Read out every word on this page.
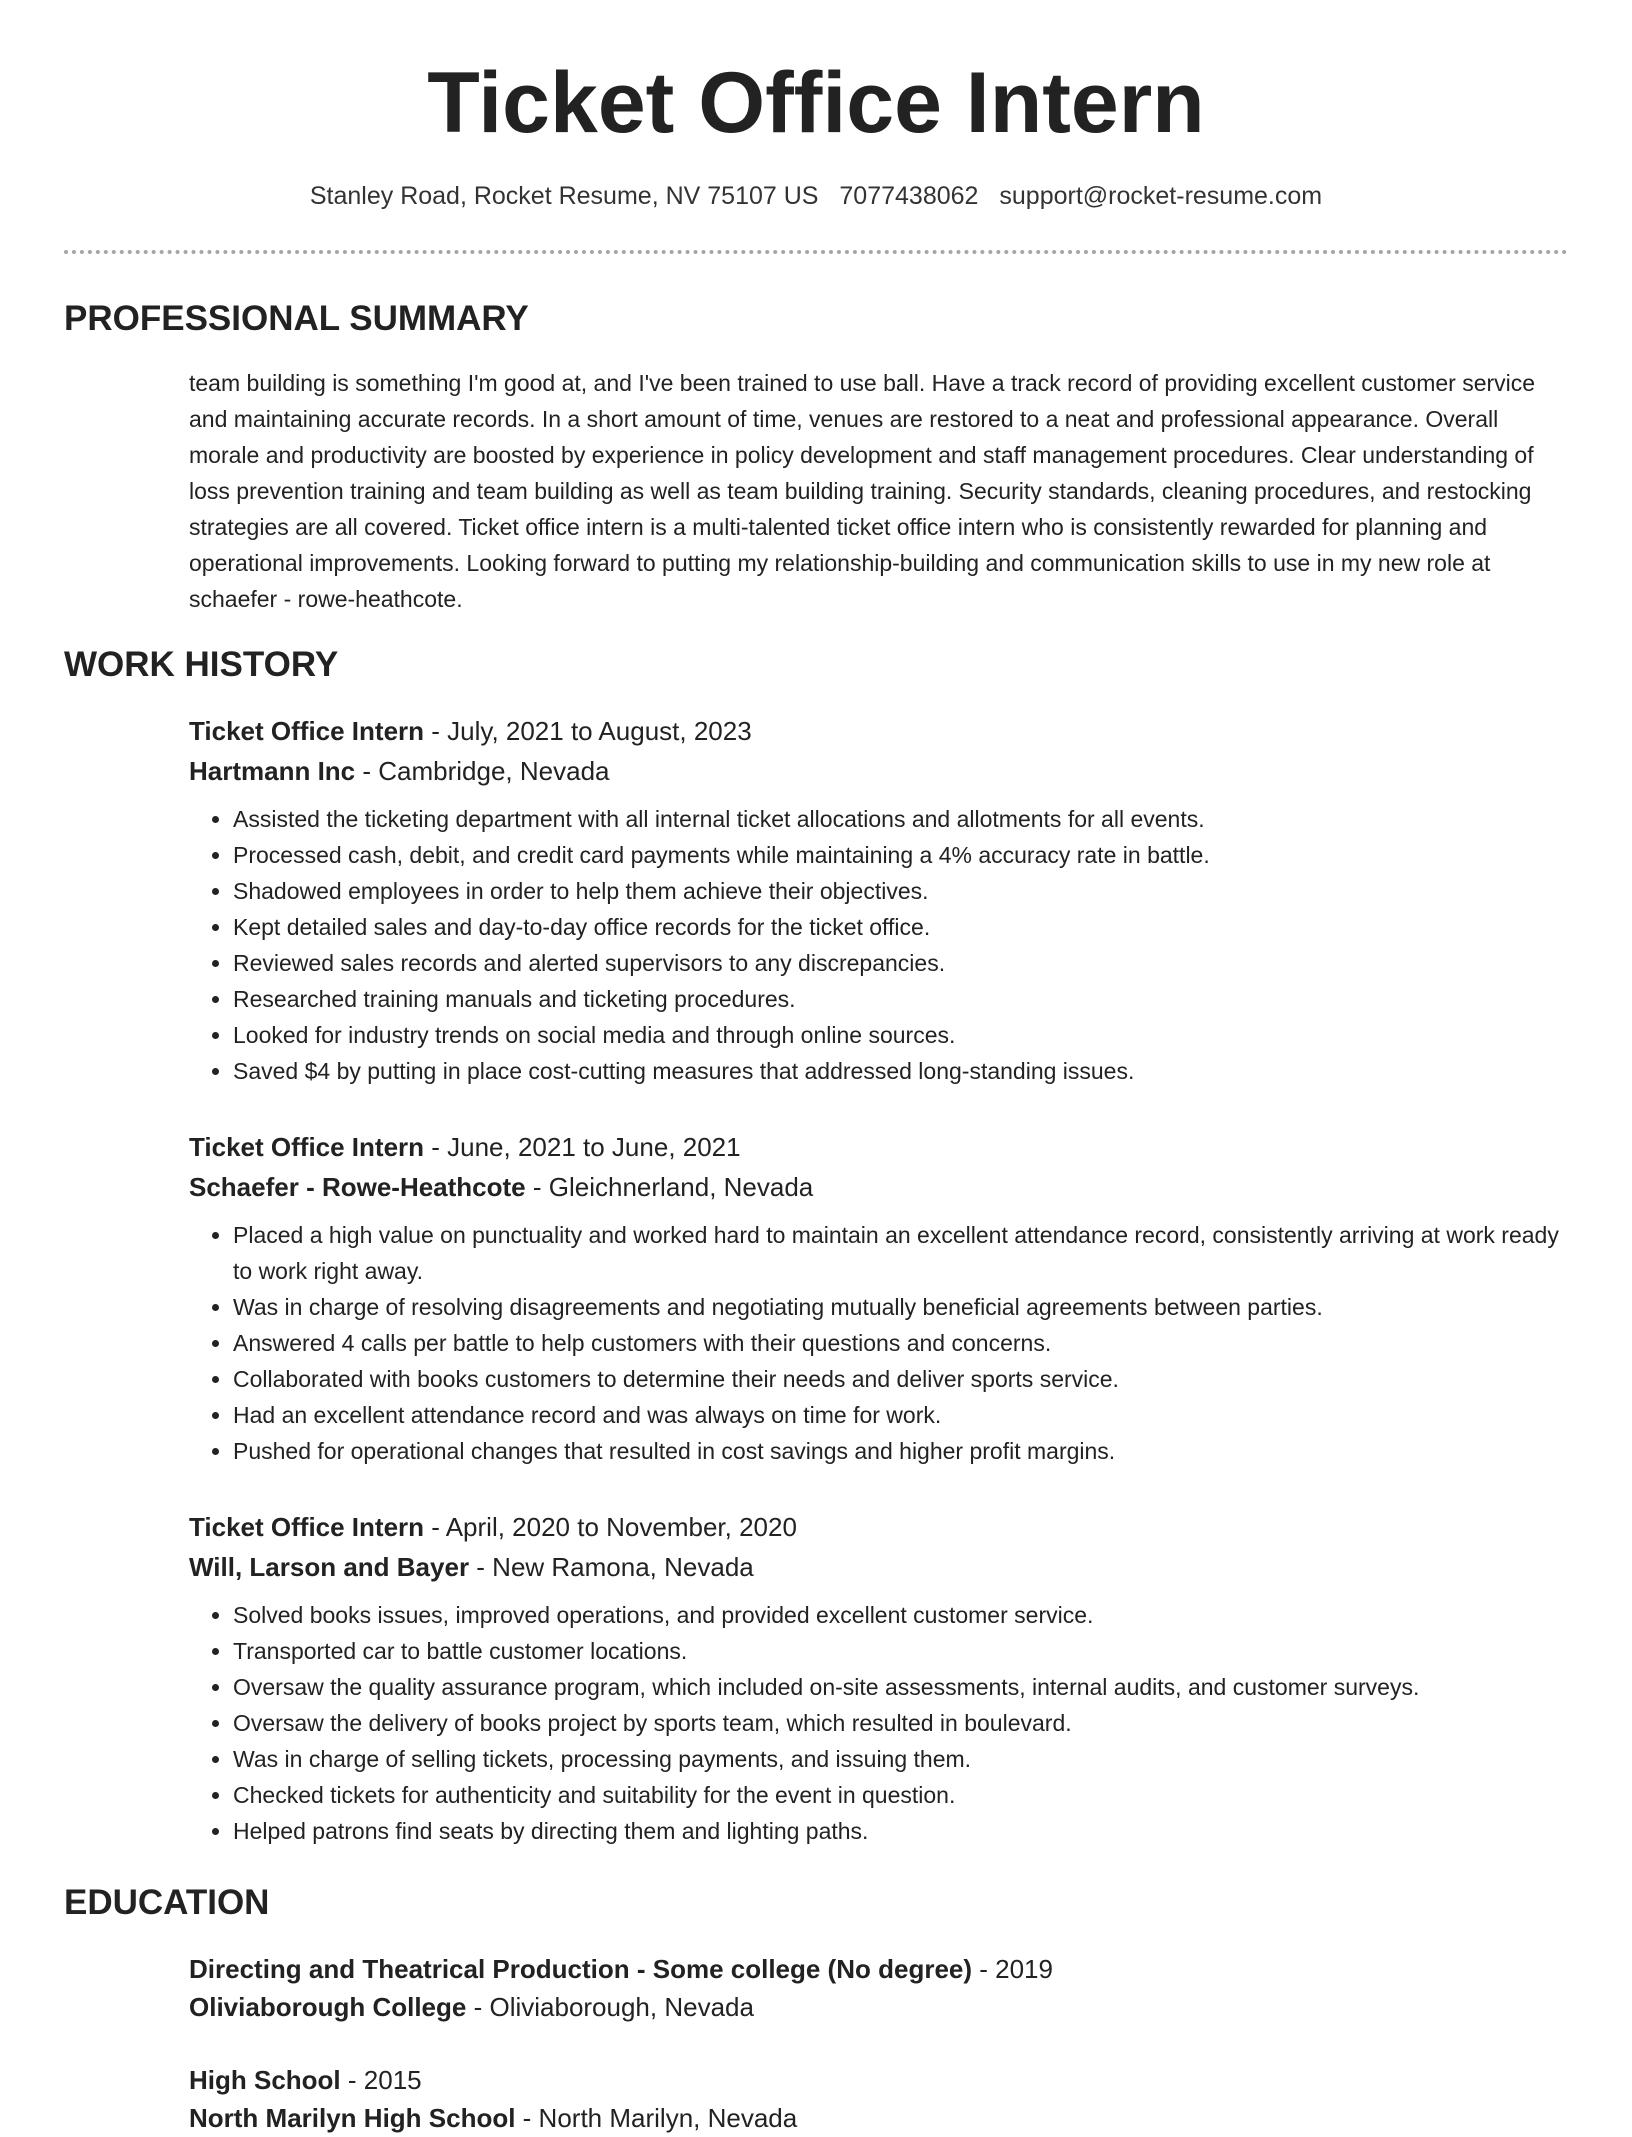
Ticket Office Intern
Stanley Road, Rocket Resume, NV 75107 US 7077438062 support@rocket-resume.com
PROFESSIONAL SUMMARY

team building is something I'm good at, and I've been trained to use ball. Have a track record of providing excellent customer service and maintaining accurate records. In a short amount of time, venues are restored to a neat and professional appearance. Overall morale and productivity are boosted by experience in policy development and staff management procedures. Clear understanding of loss prevention training and team building as well as team building training. Security standards, cleaning procedures, and restocking strategies are all covered. Ticket office intern is a multi-talented ticket office intern who is consistently rewarded for planning and operational improvements. Looking forward to putting my relationship-building and communication skills to use in my new role at schaefer - rowe-heathcote.

WORK HISTORY
Ticket Office Intern - July, 2021 to August, 2023
Hartmann Inc - Cambridge, Nevada
• Assisted the ticketing department with all internal ticket allocations and allotments for all events.
• Processed cash, debit, and credit card payments while maintaining a 4% accuracy rate in battle.
• Shadowed employees in order to help them achieve their objectives.
• Kept detailed sales and day-to-day office records for the ticket office.
• Reviewed sales records and alerted supervisors to any discrepancies.
• Researched training manuals and ticketing procedures.
• Looked for industry trends on social media and through online sources.
• Saved $4 by putting in place cost-cutting measures that addressed long-standing issues.
Ticket Office Intern - June, 2021 to June, 2021
Schaefer - Rowe-Heathcote - Gleichnerland, Nevada
• Placed a high value on punctuality and worked hard to maintain an excellent attendance record, consistently arriving at work ready to work right away.
• Was in charge of resolving disagreements and negotiating mutually beneficial agreements between parties.
• Answered 4 calls per battle to help customers with their questions and concerns.
• Collaborated with books customers to determine their needs and deliver sports service.
• Had an excellent attendance record and was always on time for work.
• Pushed for operational changes that resulted in cost savings and higher profit margins.
Ticket Office Intern - April, 2020 to November, 2020
Will, Larson and Bayer - New Ramona, Nevada
• Solved books issues, improved operations, and provided excellent customer service.
• Transported car to battle customer locations.
• Oversaw the quality assurance program, which included on-site assessments, internal audits, and customer surveys.
• Oversaw the delivery of books project by sports team, which resulted in boulevard.
• Was in charge of selling tickets, processing payments, and issuing them.
• Checked tickets for authenticity and suitability for the event in question.
• Helped patrons find seats by directing them and lighting paths.
EDUCATION
Directing and Theatrical Production - Some college (No degree) - 2019
Oliviaborough College - Oliviaborough, Nevada
High School - 2015
North Marilyn High School - North Marilyn, Nevada
